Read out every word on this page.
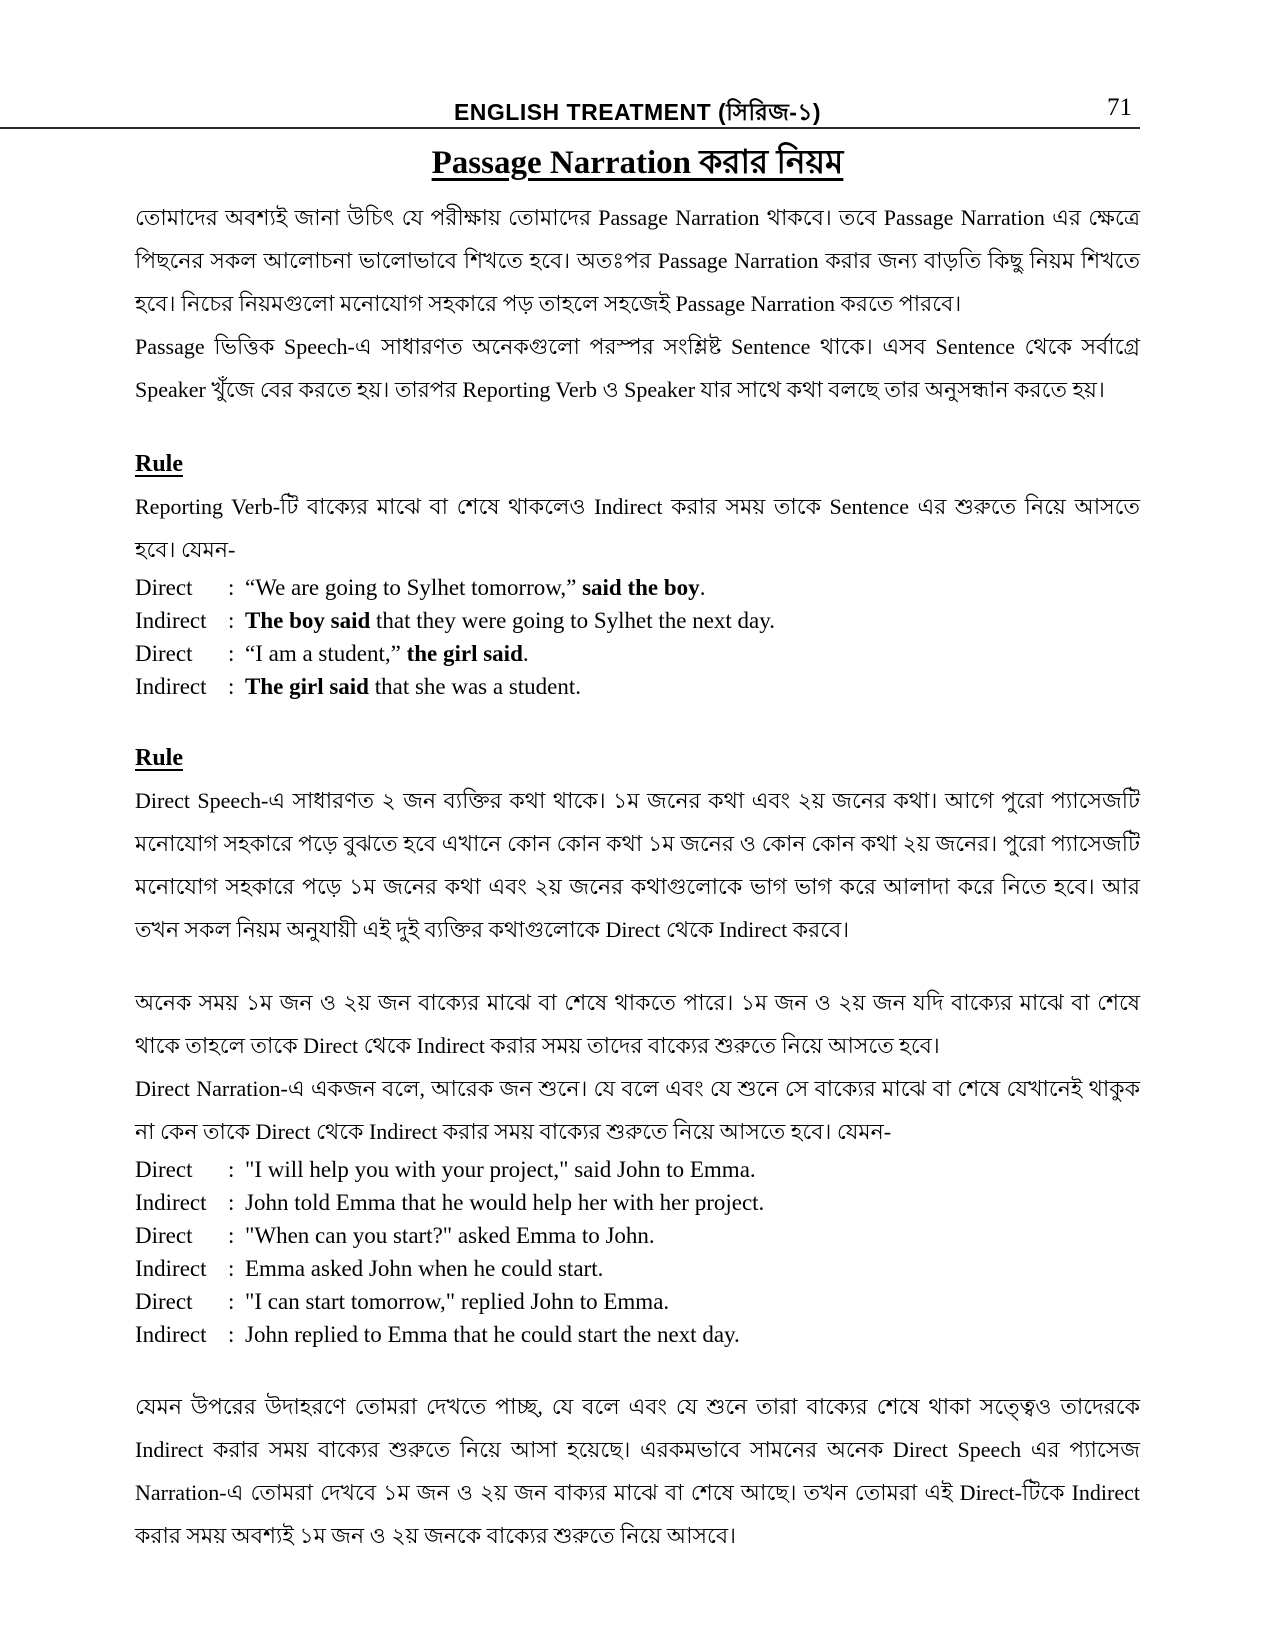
ENGLISH TREATMENT (সিরিজ-১)	71
Passage Narration করার নিয়ম

তোমাদের অবশ্যই জানা উচিৎ যে পরীক্ষায় তোমাদের Passage Narration থাকবে। তবে Passage Narration এর ক্ষেত্রে পিছনের সকল আলোচনা ভালোভাবে শিখতে হবে। অতঃপর Passage Narration করার জন্য বাড়তি কিছু নিয়ম শিখতে হবে। নিচের নিয়মগুলো মনোযোগ সহকারে পড় তাহলে সহজেই Passage Narration করতে পারবে।

Passage ভিত্তিক Speech-এ সাধারণত অনেকগুলো পরস্পর সংশ্লিষ্ট Sentence থাকে। এসব Sentence থেকে সর্বাগ্রে Speaker খুঁজে বের করতে হয়। তারপর Reporting Verb ও Speaker যার সাথে কথা বলছে তার অনুসন্ধান করতে হয়।

Rule

Reporting Verb-টি বাক্যের মাঝে বা শেষে থাকলেও Indirect করার সময় তাকে Sentence এর শুরুতে নিয়ে আসতে হবে। যেমন-

Direct	: “We are going to Sylhet tomorrow,” said the boy.
Indirect : The boy said that they were going to Sylhet the next day.
Direct	: “I am a student,” the girl said.
Indirect : The girl said that she was a student.
Rule

Direct Speech-এ সাধারণত ২ জন ব্যক্তির কথা থাকে। ১ম জনের কথা এবং ২য় জনের কথা। আগে পুরো প্যাসেজটি মনোযোগ সহকারে পড়ে বুঝতে হবে এখানে কোন কোন কথা ১ম জনের ও কোন কোন কথা ২য় জনের। পুরো প্যাসেজটি মনোযোগ সহকারে পড়ে ১ম জনের কথা এবং ২য় জনের কথাগুলোকে ভাগ ভাগ করে আলাদা করে নিতে হবে। আর তখন সকল নিয়ম অনুযায়ী এই দুই ব্যক্তির কথাগুলোকে Direct থেকে Indirect করবে।

অনেক সময় ১ম জন ও ২য় জন বাক্যের মাঝে বা শেষে থাকতে পারে। ১ম জন ও ২য় জন যদি বাক্যের মাঝে বা শেষে থাকে তাহলে তাকে Direct থেকে Indirect করার সময় তাদের বাক্যের শুরুতে নিয়ে আসতে হবে।

Direct Narration-এ একজন বলে, আরেক জন শুনে। যে বলে এবং যে শুনে সে বাক্যের মাঝে বা শেষে যেখানেই থাকুক না কেন তাকে Direct থেকে Indirect করার সময় বাক্যের শুরুতে নিয়ে আসতে হবে। যেমন-

Direct	: "I will help you with your project," said John to Emma.
Indirect : John told Emma that he would help her with her project.
Direct	: "When can you start?" asked Emma to John.
Indirect : Emma asked John when he could start.
Direct	: "I can start tomorrow," replied John to Emma.
Indirect : John replied to Emma that he could start the next day.

যেমন উপরের উদাহরণে তোমরা দেখতে পাচ্ছ, যে বলে এবং যে শুনে তারা বাক্যের শেষে থাকা সত্ত্বেও তাদেরকে Indirect করার সময় বাক্যের শুরুতে নিয়ে আসা হয়েছে। এরকমভাবে সামনের অনেক Direct Speech এর প্যাসেজ Narration-এ তোমরা দেখবে ১ম জন ও ২য় জন বাক্যর মাঝে বা শেষে আছে। তখন তোমরা এই Direct-টিকে Indirect করার সময় অবশ্যই ১ম জন ও ২য় জনকে বাক্যের শুরুতে নিয়ে আসবে।
